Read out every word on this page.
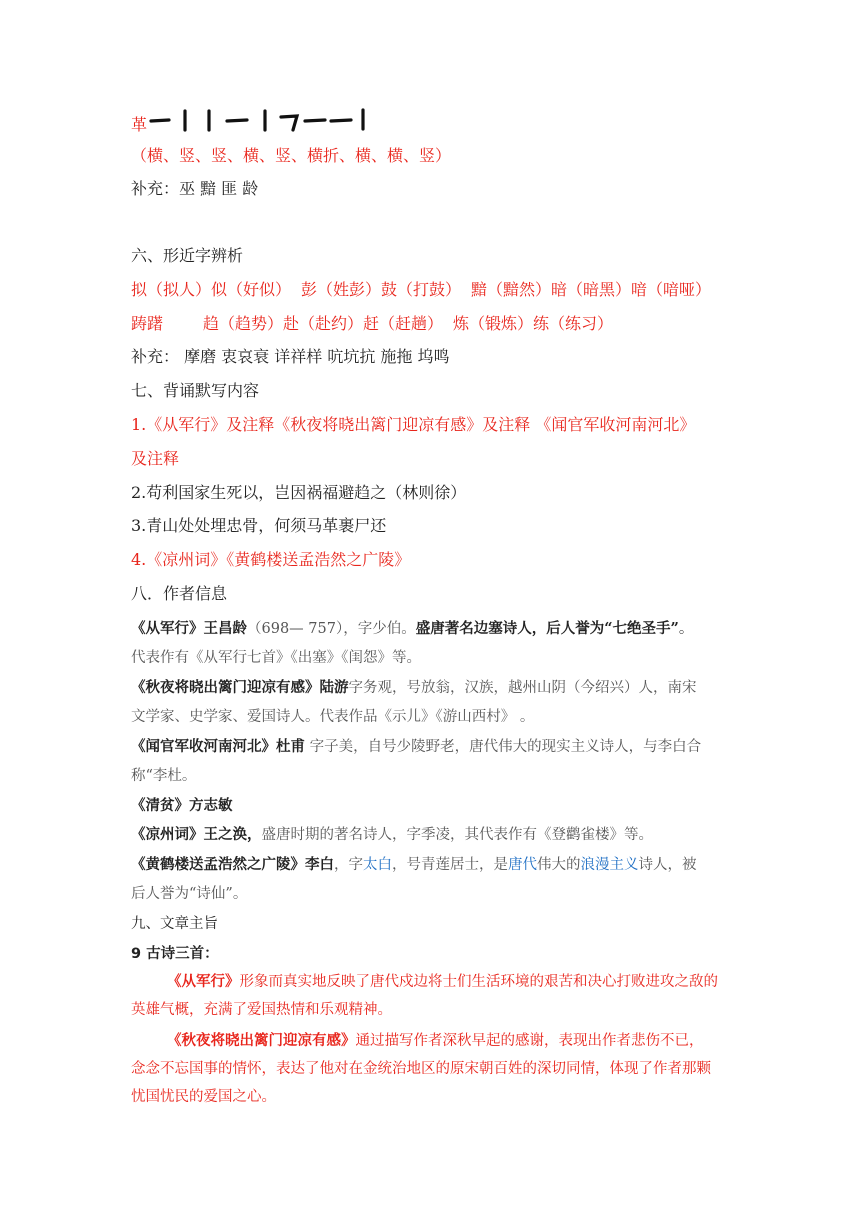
革
（横、竖、竖、横、竖、横折、横、横、竖）
补充：巫 黯 匪 龄
六、形近字辨析
拟（拟人）似（好似） 彭（姓彭）鼓（打鼓） 黯（黯然）暗（暗黑）喑（喑哑）
踌躇	趋（趋势）赴（赴约）赶（赶趟） 炼（锻炼）练（练习）
补充： 摩磨 衷哀衰 详祥样 吭坑抗 施拖 坞鸣
七、背诵默写内容
1.《从军行》及注释《秋夜将晓出篱门迎凉有感》及注释 《闻官军收河南河北》
及注释
2.苟利国家生死以，岂因祸福避趋之（林则徐）
3.青山处处埋忠骨，何须马革裹尸还
4.《凉州词》《黄鹤楼送孟浩然之广陵》
八．作者信息
《从军行》王昌龄（698— 757），字少伯。盛唐著名边塞诗人，后人誉为“七绝圣手”。
代表作有《从军行七首》《出塞》《闺怨》等。
《秋夜将晓出篱门迎凉有感》陆游字务观，号放翁，汉族，越州山阴（今绍兴）人，南宋
文学家、史学家、爱国诗人。代表作品《示儿》《游山西村》 。
《闻官军收河南河北》杜甫 字子美，自号少陵野老，唐代伟大的现实主义诗人，与李白合
称“李杜。
《清贫》方志敏
《凉州词》王之涣，盛唐时期的著名诗人，字季凌，其代表作有《登鹳雀楼》等。
《黄鹤楼送孟浩然之广陵》李白，字太白，号青莲居士，是唐代伟大的浪漫主义诗人，被
后人誉为“诗仙”。
九、文章主旨
9 古诗三首：
《从军行》形象而真实地反映了唐代戍边将士们生活环境的艰苦和决心打败进攻之敌的
英雄气概，充满了爱国热情和乐观精神。
《秋夜将晓出篱门迎凉有感》通过描写作者深秋早起的感谢，表现出作者悲伤不已，
念念不忘国事的情怀，表达了他对在金统治地区的原宋朝百姓的深切同情，体现了作者那颗
忧国忧民的爱国之心。
